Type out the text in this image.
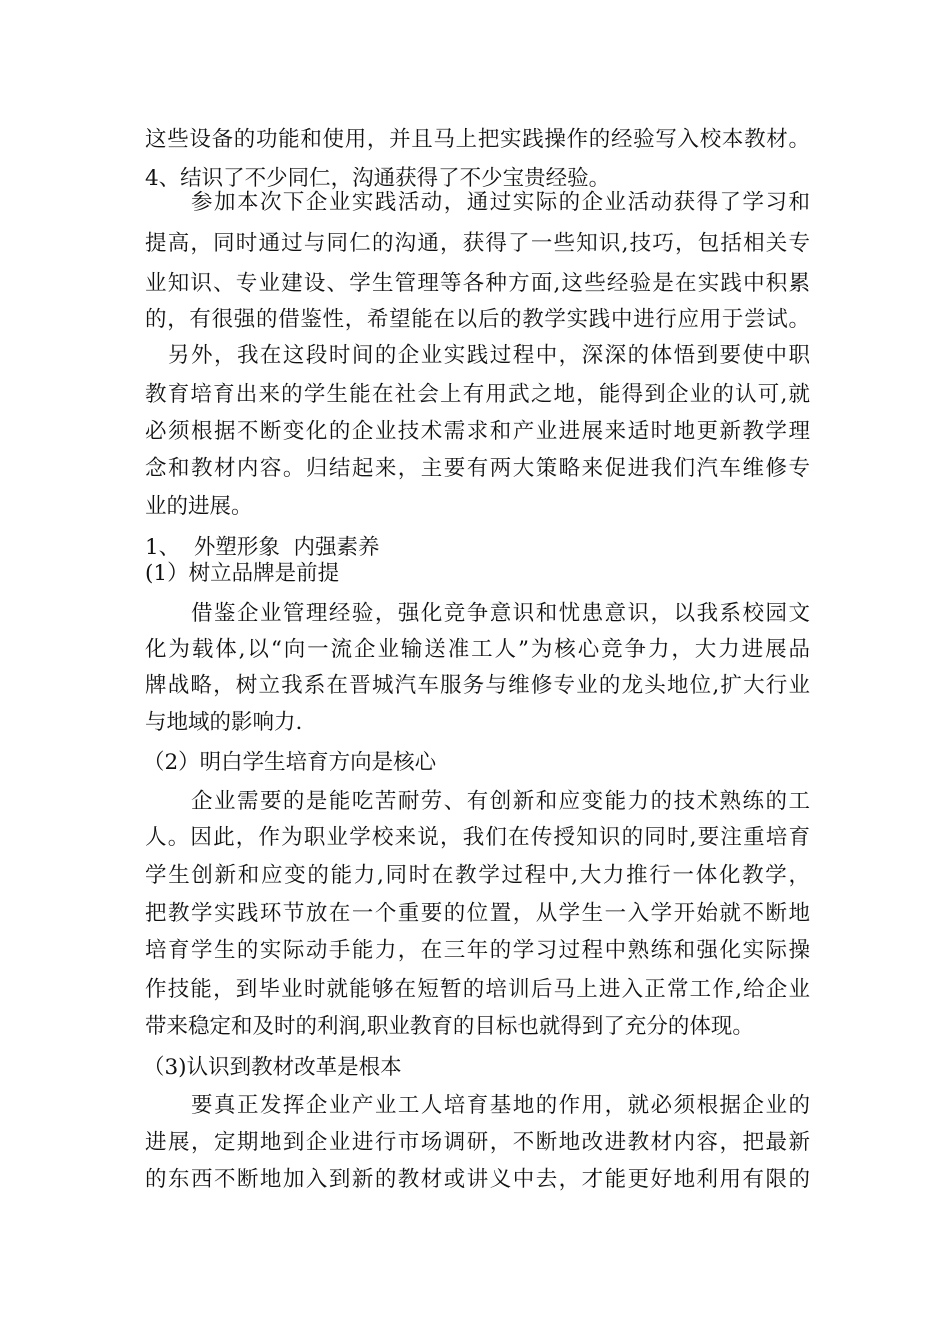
这些设备的功能和使用，并且马上把实践操作的经验写入校本教材。
4、结识了不少同仁，沟通获得了不少宝贵经验。
参加本次下企业实践活动，通过实际的企业活动获得了学习和
提高，同时通过与同仁的沟通，获得了一些知识,技巧，包括相关专
业知识、专业建设、学生管理等各种方面,这些经验是在实践中积累
的，有很强的借鉴性，希望能在以后的教学实践中进行应用于尝试。
另外，我在这段时间的企业实践过程中，深深的体悟到要使中职
教育培育出来的学生能在社会上有用武之地，能得到企业的认可,就
必须根据不断变化的企业技术需求和产业进展来适时地更新教学理
念和教材内容。归结起来，主要有两大策略来促进我们汽车维修专
业的进展。
1、  外塑形象  内强素养
(1）树立品牌是前提
借鉴企业管理经验，强化竞争意识和忧患意识，以我系校园文
化为载体,以“向一流企业输送准工人”为核心竞争力，大力进展品
牌战略，树立我系在晋城汽车服务与维修专业的龙头地位,扩大行业
与地域的影响力.
（2）明白学生培育方向是核心
企业需要的是能吃苦耐劳、有创新和应变能力的技术熟练的工
人。因此，作为职业学校来说，我们在传授知识的同时,要注重培育
学生创新和应变的能力,同时在教学过程中,大力推行一体化教学，
把教学实践环节放在一个重要的位置，从学生一入学开始就不断地
培育学生的实际动手能力，在三年的学习过程中熟练和强化实际操
作技能，到毕业时就能够在短暂的培训后马上进入正常工作,给企业
带来稳定和及时的利润,职业教育的目标也就得到了充分的体现。
（3)认识到教材改革是根本
要真正发挥企业产业工人培育基地的作用，就必须根据企业的
进展，定期地到企业进行市场调研，不断地改进教材内容，把最新
的东西不断地加入到新的教材或讲义中去，才能更好地利用有限的
